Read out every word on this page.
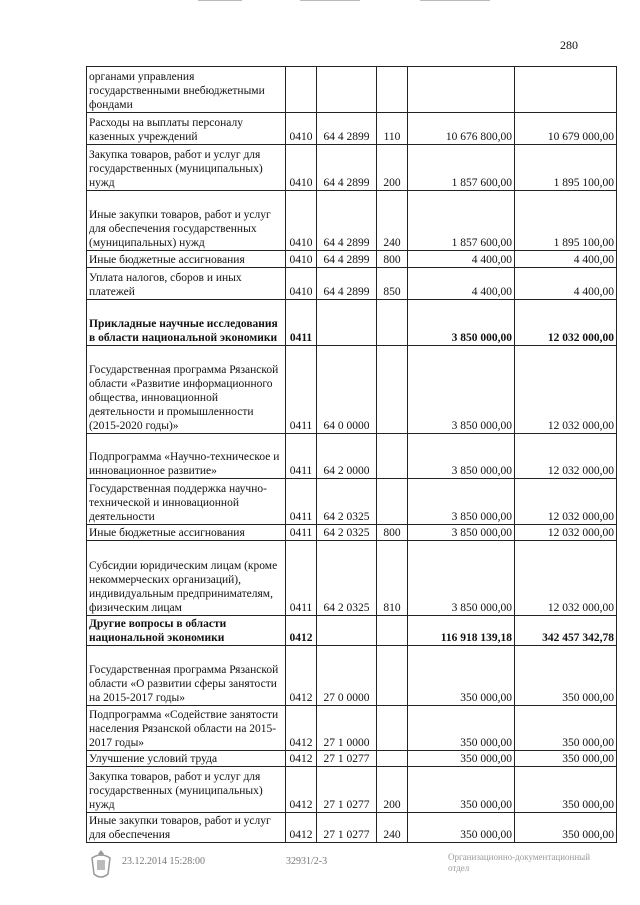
280
органами управления государственными внебюджетными фондами					
Расходы на выплаты персоналу казенных учреждений	0410	64 4 2899	110	10 676 800,00	10 679 000,00
Закупка товаров, работ и услуг для государственных (муниципальных) нужд	0410	64 4 2899	200	1 857 600,00	1 895 100,00
Иные закупки товаров, работ и услуг для обеспечения государственных (муниципальных) нужд	0410	64 4 2899	240	1 857 600,00	1 895 100,00
Иные бюджетные ассигнования	0410	64 4 2899	800	4 400,00	4 400,00
Уплата налогов, сборов и иных платежей	0410	64 4 2899	850	4 400,00	4 400,00
Прикладные научные исследования в области национальной экономики	0411			3 850 000,00	12 032 000,00
Государственная программа Рязанской области «Развитие информационного общества, инновационной деятельности и промышленности (2015-2020 годы)»	0411	64 0 0000		3 850 000,00	12 032 000,00
Подпрограмма «Научно-техническое и инновационное развитие»	0411	64 2 0000		3 850 000,00	12 032 000,00
Государственная поддержка научно-технической и инновационной деятельности	0411	64 2 0325		3 850 000,00	12 032 000,00
Иные бюджетные ассигнования	0411	64 2 0325	800	3 850 000,00	12 032 000,00
Субсидии юридическим лицам (кроме некоммерческих организаций), индивидуальным предпринимателям, физическим лицам	0411	64 2 0325	810	3 850 000,00	12 032 000,00
Другие вопросы в области национальной экономики	0412			116 918 139,18	342 457 342,78
Государственная программа Рязанской области «О развитии сферы занятости на 2015-2017 годы»	0412	27 0 0000		350 000,00	350 000,00
Подпрограмма «Содействие занятости населения Рязанской области на 2015-2017 годы»	0412	27 1 0000		350 000,00	350 000,00
Улучшение условий труда	0412	27 1 0277		350 000,00	350 000,00
Закупка товаров, работ и услуг для государственных (муниципальных) нужд	0412	27 1 0277	200	350 000,00	350 000,00
Иные закупки товаров, работ и услуг для обеспечения	0412	27 1 0277	240	350 000,00	350 000,00
23.12.2014 15:28:00	32931/2-3	Организационно-документационный отдел
